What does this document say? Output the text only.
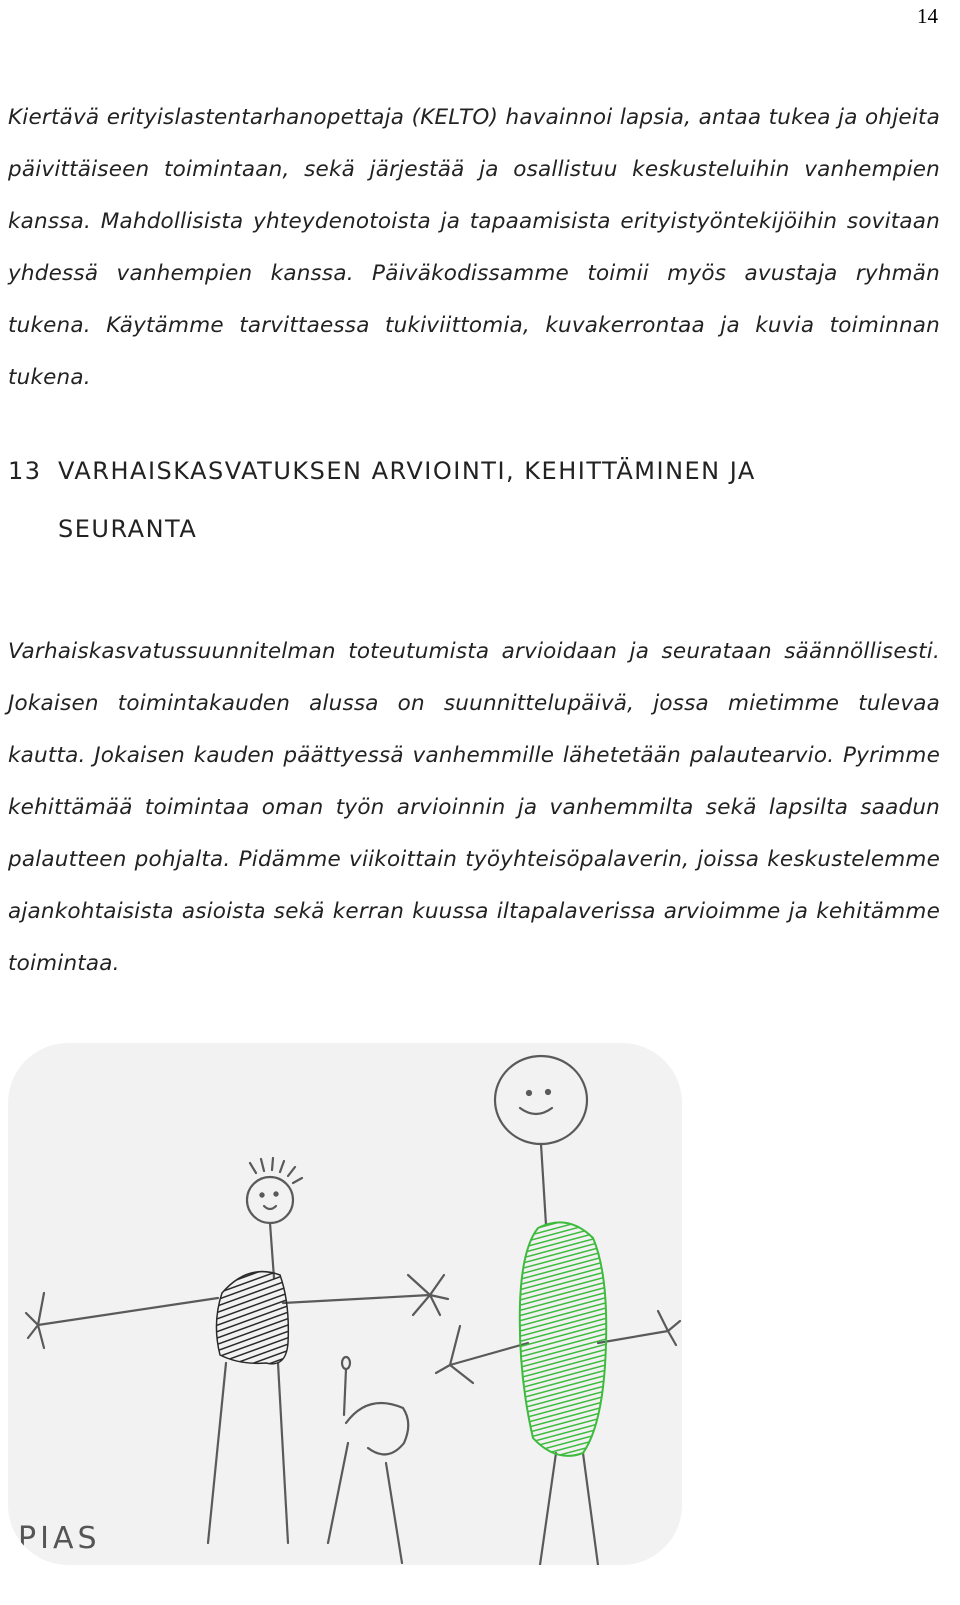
14

Kiertävä erityislastentarhanopettaja (KELTO) havainnoi lapsia, antaa tukea ja ohjeita päivittäiseen toimintaan, sekä järjestää ja osallistuu keskusteluihin vanhempien kanssa. Mahdollisista yhteydenotoista ja tapaamisista erityistyöntekijöihin sovitaan yhdessä vanhempien kanssa. Päiväkodissamme toimii myös avustaja ryhmän tukena. Käytämme tarvittaessa tukiviittomia, kuvakerrontaa ja kuvia toiminnan tukena.

13 VARHAISKASVATUKSEN ARVIOINTI, KEHITTÄMINEN JA
SEURANTA

Varhaiskasvatussuunnitelman toteutumista arvioidaan ja seurataan säännöllisesti. Jokaisen toimintakauden alussa on suunnittelupäivä, jossa mietimme tulevaa kautta. Jokaisen kauden päättyessä vanhemmille lähetetään palautearvio. Pyrimme kehittämää toimintaa oman työn arvioinnin ja vanhemmilta sekä lapsilta saadun palautteen pohjalta. Pidämme viikoittain työyhteisöpalaverin, joissa keskustelemme ajankohtaisista asioista sekä kerran kuussa iltapalaverissa arvioimme ja kehitämme toimintaa.

PIAS
